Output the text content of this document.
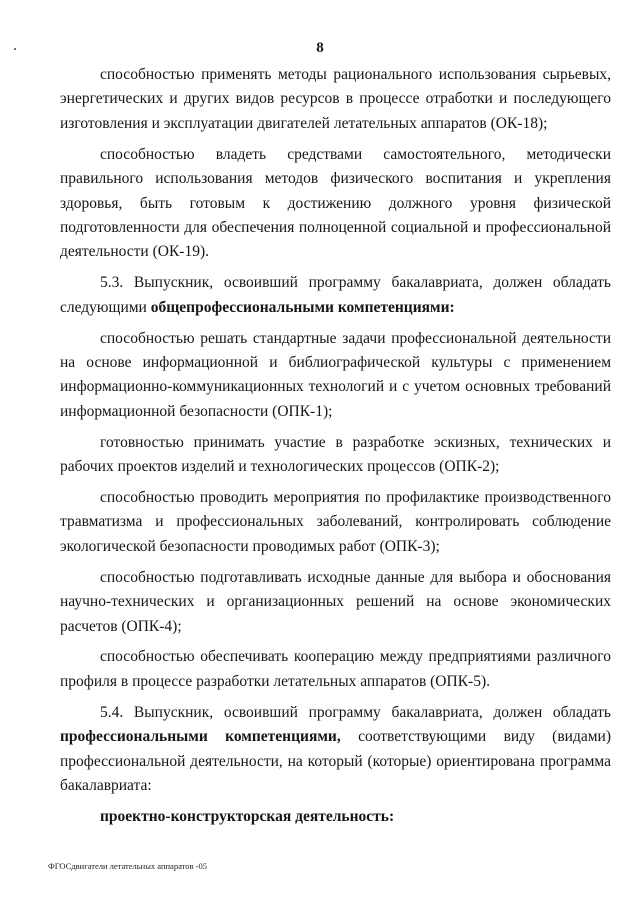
8

способностью применять методы рационального использования сырьевых, энергетических и других видов ресурсов в процессе отработки и последующего изготовления и эксплуатации двигателей летательных аппаратов (ОК-18);

способностью владеть средствами самостоятельного, методически правильного использования методов физического воспитания и укрепления здоровья, быть готовым к достижению должного уровня физической подготовленности для обеспечения полноценной социальной и профессиональной деятельности (ОК-19).

5.3. Выпускник, освоивший программу бакалавриата, должен обладать следующими общепрофессиональными компетенциями:

способностью решать стандартные задачи профессиональной деятельности на основе информационной и библиографической культуры с применением информационно-коммуникационных технологий и с учетом основных требований информационной безопасности (ОПК-1);

готовностью принимать участие в разработке эскизных, технических и рабочих проектов изделий и технологических процессов (ОПК-2);

способностью проводить мероприятия по профилактике производственного травматизма и профессиональных заболеваний, контролировать соблюдение экологической безопасности проводимых работ (ОПК-3);

способностью подготавливать исходные данные для выбора и обоснования научно-технических и организационных решений на основе экономических расчетов (ОПК-4);

способностью обеспечивать кооперацию между предприятиями различного профиля в процессе разработки летательных аппаратов (ОПК-5).

5.4. Выпускник, освоивший программу бакалавриата, должен обладать профессиональными компетенциями, соответствующими виду (видами) профессиональной деятельности, на который (которые) ориентирована программа бакалавриата:

проектно-конструкторская деятельность:

ФГОСдвигатели летательных аппаратов -05
